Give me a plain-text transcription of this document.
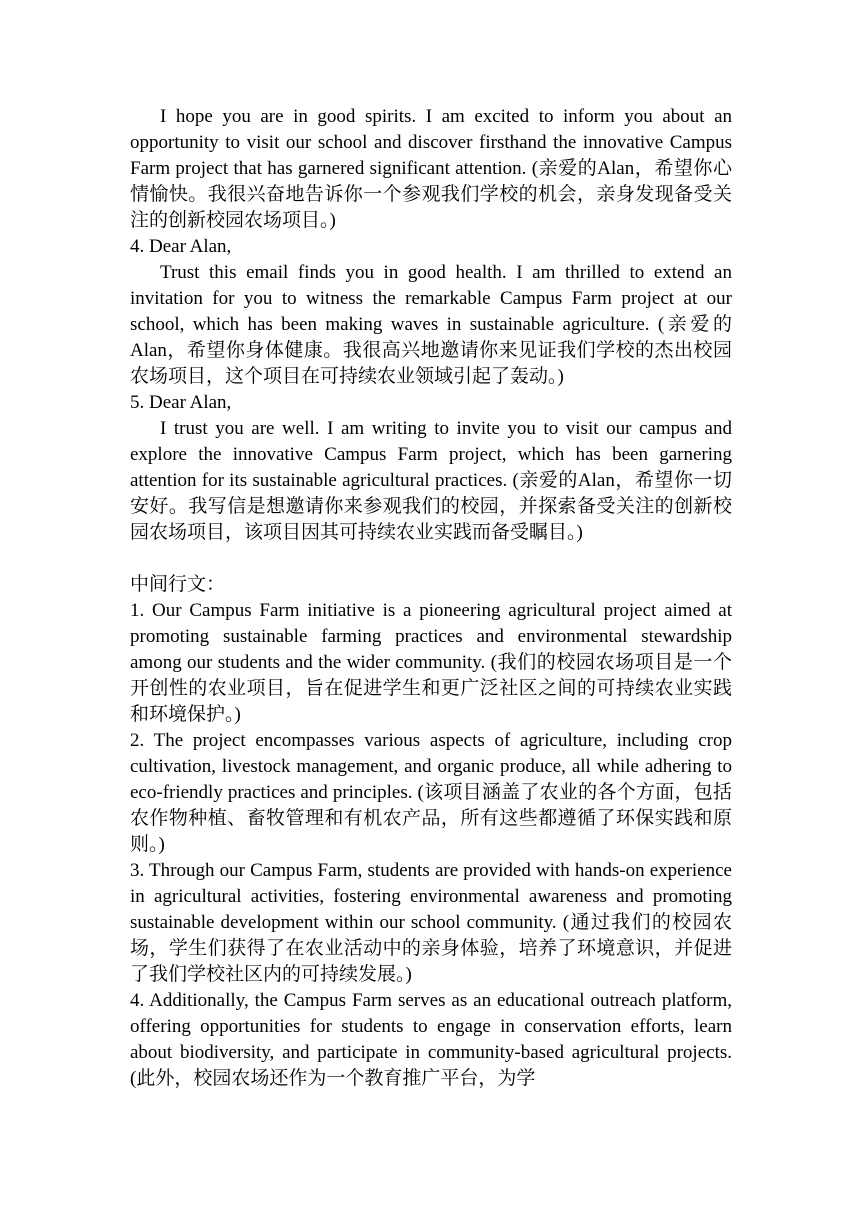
I hope you are in good spirits. I am excited to inform you about an opportunity to visit our school and discover firsthand the innovative Campus Farm project that has garnered significant attention. (亲爱的Alan，希望你心情愉快。我很兴奋地告诉你一个参观我们学校的机会，亲身发现备受关注的创新校园农场项目。)

4. Dear Alan,

Trust this email finds you in good health. I am thrilled to extend an invitation for you to witness the remarkable Campus Farm project at our school, which has been making waves in sustainable agriculture. (亲爱的Alan，希望你身体健康。我很高兴地邀请你来见证我们学校的杰出校园农场项目，这个项目在可持续农业领域引起了轰动。)

5. Dear Alan,

I trust you are well. I am writing to invite you to visit our campus and explore the innovative Campus Farm project, which has been garnering attention for its sustainable agricultural practices. (亲爱的Alan，希望你一切安好。我写信是想邀请你来参观我们的校园，并探索备受关注的创新校园农场项目，该项目因其可持续农业实践而备受瞩目。)

中间行文：

1. Our Campus Farm initiative is a pioneering agricultural project aimed at promoting sustainable farming practices and environmental stewardship among our students and the wider community. (我们的校园农场项目是一个开创性的农业项目，旨在促进学生和更广泛社区之间的可持续农业实践和环境保护。)

2. The project encompasses various aspects of agriculture, including crop cultivation, livestock management, and organic produce, all while adhering to eco-friendly practices and principles. (该项目涵盖了农业的各个方面，包括农作物种植、畜牧管理和有机农产品，所有这些都遵循了环保实践和原则。)

3. Through our Campus Farm, students are provided with hands-on experience in agricultural activities, fostering environmental awareness and promoting sustainable development within our school community. (通过我们的校园农场，学生们获得了在农业活动中的亲身体验，培养了环境意识，并促进了我们学校社区内的可持续发展。)

4. Additionally, the Campus Farm serves as an educational outreach platform, offering opportunities for students to engage in conservation efforts, learn about biodiversity, and participate in community-based agricultural projects. (此外，校园农场还作为一个教育推广平台，为学
